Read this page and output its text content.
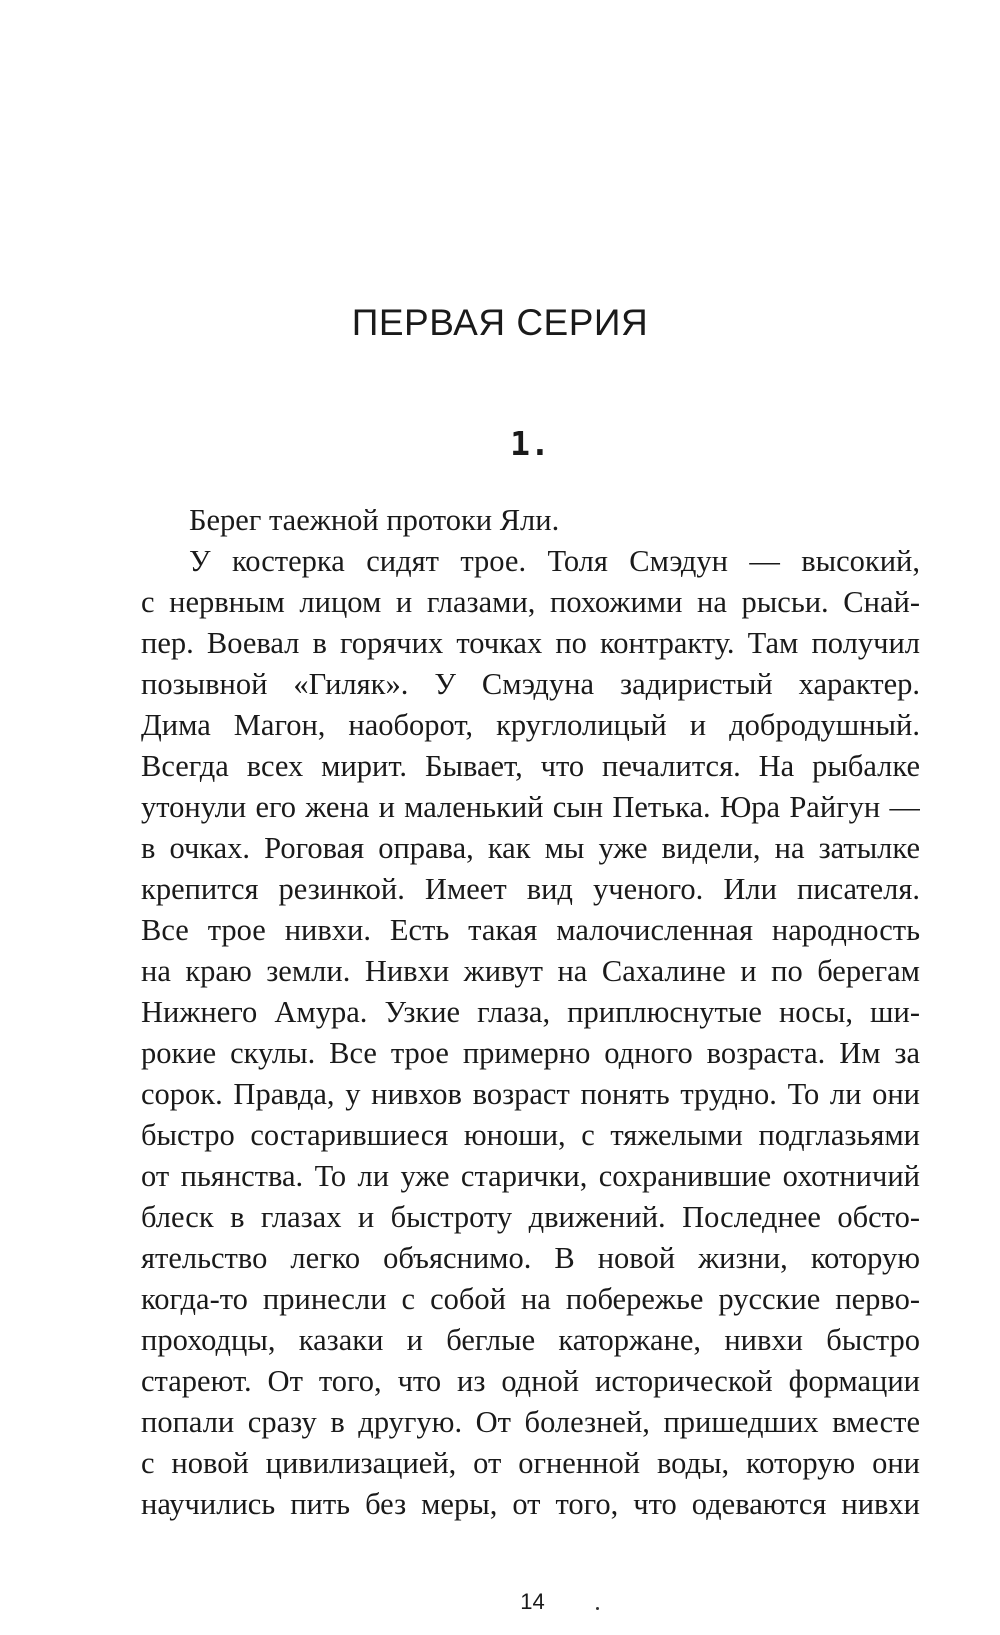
ПЕРВАЯ СЕРИЯ
1.
Берег таежной протоки Яли.
У костерка сидят трое. Толя Смэдун — высокий,
с нервным лицом и глазами, похожими на рысьи. Снай-
пер. Воевал в горячих точках по контракту. Там получил
позывной «Гиляк». У Смэдуна задиристый характер.
Дима Магон, наоборот, круглолицый и добродушный.
Всегда всех мирит. Бывает, что печалится. На рыбалке
утонули его жена и маленький сын Петька. Юра Райгун —
в очках. Роговая оправа, как мы уже видели, на затылке
крепится резинкой. Имеет вид ученого. Или писателя.
Все трое нивхи. Есть такая малочисленная народность
на краю земли. Нивхи живут на Сахалине и по берегам
Нижнего Амура. Узкие глаза, приплюснутые носы, ши-
рокие скулы. Все трое примерно одного возраста. Им за
сорок. Правда, у нивхов возраст понять трудно. То ли они
быстро состарившиеся юноши, с тяжелыми подглазьями
от пьянства. То ли уже старички, сохранившие охотничий
блеск в глазах и быстроту движений. Последнее обсто-
ятельство легко объяснимо. В новой жизни, которую
когда-то принесли с собой на побережье русские перво-
проходцы, казаки и беглые каторжане, нивхи быстро
стареют. От того, что из одной исторической формации
попали сразу в другую. От болезней, пришедших вместе
с новой цивилизацией, от огненной воды, которую они
научились пить без меры, от того, что одеваются нивхи
14
